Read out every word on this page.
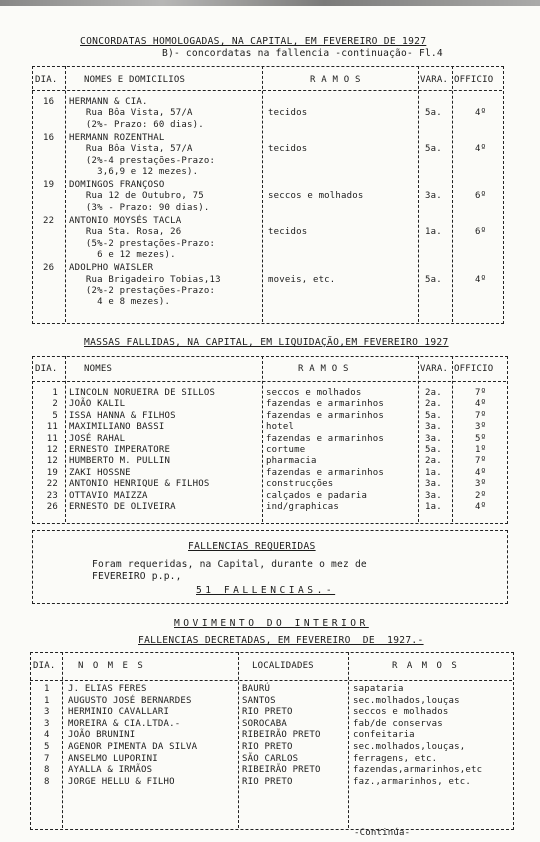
CONCORDATAS HOMOLOGADAS, NA CAPITAL, EM FEVEREIRO DE 1927
B)- concordatas na fallencia -continuação- Fl.4
DIA.	NOMES E DOMICILIOS	R A M O S	VARA. OFFICIO
16 HERMANN & CIA.
Rua Bôa Vista, 57/A
(2%- Prazo: 60 dias).
tecidos	5a.	4º
16 HERMANN ROZENTHAL
Rua Bôa Vista, 57/A
(2%-4 prestações-Prazo:
3,6,9 e 12 mezes).
tecidos	5a.	4º
19 DOMINGOS FRANÇOSO
Rua 12 de Outubro, 75
(3% - Prazo: 90 dias).
seccos e molhados	3a.	6º
22 ANTONIO MOYSÉS TACLA
Rua Sta. Rosa, 26
(5%-2 prestações-Prazo:
6 e 12 mezes).
tecidos	1a.	6º
26 ADOLPHO WAISLER
Rua Brigadeiro Tobias,13
(2%-2 prestações-Prazo:
4 e 8 mezes).
moveis, etc.	5a.	4º
MASSAS FALLIDAS, NA CAPITAL, EM LIQUIDAÇÃO,EM FEVEREIRO 1927
DIA.	NOMES	R A M O S	VARA. OFFICIO
1 LINCOLN NORUEIRA DE SILLOS	seccos e molhados	2a.	7º
2 JOÃO KALIL	fazendas e armarinhos	2a.	4º
5 ISSA HANNA & FILHOS	fazendas e armarinhos	5a.	7º
11 MAXIMILIANO BASSI	hotel	3a.	3º
11 JOSÉ RAHAL	fazendas e armarinhos	3a.	5º
12 ERNESTO IMPERATORE	cortume	5a.	1º
12 HUMBERTO M. PULLIN	pharmacia	2a.	7º
19 ZAKI HOSSNE	fazendas e armarinhos	1a.	4º
22 ANTONIO HENRIQUE & FILHOS	construcções	3a.	3º
23 OTTAVIO MAIZZA	calçados e padaria	3a.	2º
26 ERNESTO DE OLIVEIRA	ind/graphicas	1a.	4º
FALLENCIAS REQUERIDAS
Foram requeridas, na Capital, durante o mez de
FEVEREIRO p.p.,
51 FALLENCIAS.-
MOVIMENTO DO INTERIOR
FALLENCIAS DECRETADAS, EM FEVEREIRO  DE  1927.-
DIA.	N O M E S	LOCALIDADES	R A M O S
1 J. ELIAS FERES	BAURÚ	sapataria
1 AUGUSTO JOSÉ BERNARDES	SANTOS	sec.molhados,louças
3 HERMINIO CAVALLARI	RIO PRETO	seccos e molhados
3 MOREIRA & CIA.LTDA.-	SOROCABA	fab/de conservas
4 JOÃO BRUNINI	RIBEIRÃO PRETO	confeitaria
5 AGENOR PIMENTA DA SILVA	RIO PRETO	sec.molhados,louças,
7 ANSELMO LUPORINI	SÃO CARLOS	ferragens, etc.
8 AYALLA & IRMÃOS	RIBEIRÃO PRETO	fazendas,armarinhos,etc
8 JORGE HELLU & FILHO	RIO PRETO	faz.,armarinhos, etc.
-Continúa-
